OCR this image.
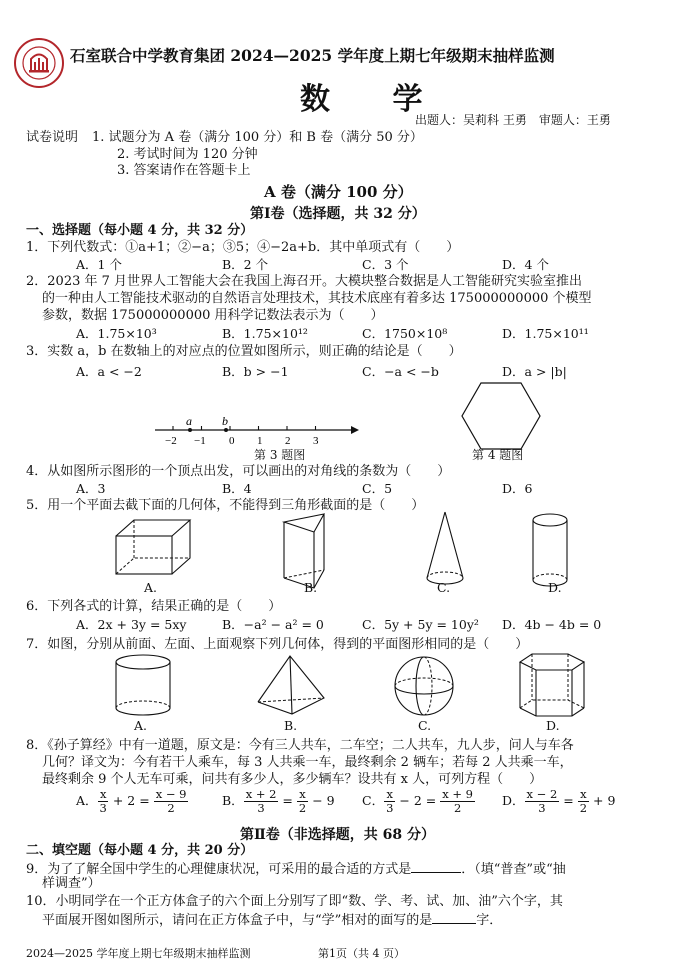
石室联合中学教育集团 2024—2025 学年度上期七年级期末抽样监测
数 学
出题人：吴莉科 王勇　审题人：王勇
试卷说明 1. 试题分为 A 卷（满分 100 分）和 B 卷（满分 50 分）
2. 考试时间为 120 分钟
3. 答案请作在答题卡上
A 卷（满分 100 分）
第Ⅰ卷（选择题，共 32 分）
一、选择题（每小题 4 分，共 32 分）
1．下列代数式：①a+1；②−a；③5；④−2a+b．其中单项式有（　　）
A．1 个	B．2 个	C．3 个	D．4 个
2．2023 年 7 月世界人工智能大会在我国上海召开。大模块整合数据是人工智能研究实验室推出
的一种由人工智能技术驱动的自然语言处理技术，其技术底座有着多达 175000000000 个模型
参数，数据 175000000000 用科学记数法表示为（　　）
A．1.75×10³	B．1.75×10¹²	C．1750×10⁸	D．1.75×10¹¹
3．实数 a，b 在数轴上的对应点的位置如图所示，则正确的结论是（　　）
A．a < −2	B．b > −1	C．−a < −b	D．a > |b|
a	b
−2 −1 0 1 2 3
第 3 题图	第 4 题图
4．从如图所示图形的一个顶点出发，可以画出的对角线的条数为（　　）
A．3	B．4	C．5	D．6
5．用一个平面去截下面的几何体，不能得到三角形截面的是（　　）
A.	B.	C.	D.
6．下列各式的计算，结果正确的是（　　）
A．2x + 3y = 5xy	B．−a² − a² = 0	C．5y + 5y = 10y² D．4b − 4b = 0
7．如图，分别从前面、左面、上面观察下列几何体，得到的平面图形相同的是（　　）
A.	B.	C.	D.
8．《孙子算经》中有一道题，原文是：今有三人共车，二车空；二人共车，九人步，问人与车各
几何？译文为：今有若干人乘车，每 3 人共乘一车，最终剩余 2 辆车；若每 2 人共乘一车，
最终剩余 9 个人无车可乘，问共有多少人，多少辆车？设共有 x 人，可列方程（　　）
A． $\frac{x}{3} + 2 = \frac{x - 9}{2}$	B． $\frac{x + 2}{3} = \frac{x}{2} - 9$ C． $\frac{x}{3} - 2 = \frac{x + 9}{2}$ D． $\frac{x - 2}{3} = \frac{x}{2} + 9$
第Ⅱ卷（非选择题，共 68 分）
二、填空题（每小题 4 分，共 20 分）
9．为了了解全国中学生的心理健康状况，可采用的最合适的方式是	．（填“普查”或“抽
样调查”）
10．小明同学在一个正方体盒子的六个面上分别写了即“数、学、考、试、加、油”六个字，其
平面展开图如图所示，请问在正方体盒子中，与“学”相对的面写的是	字．
2024—2025 学年度上期七年级期末抽样监测	第1页（共 4 页）
